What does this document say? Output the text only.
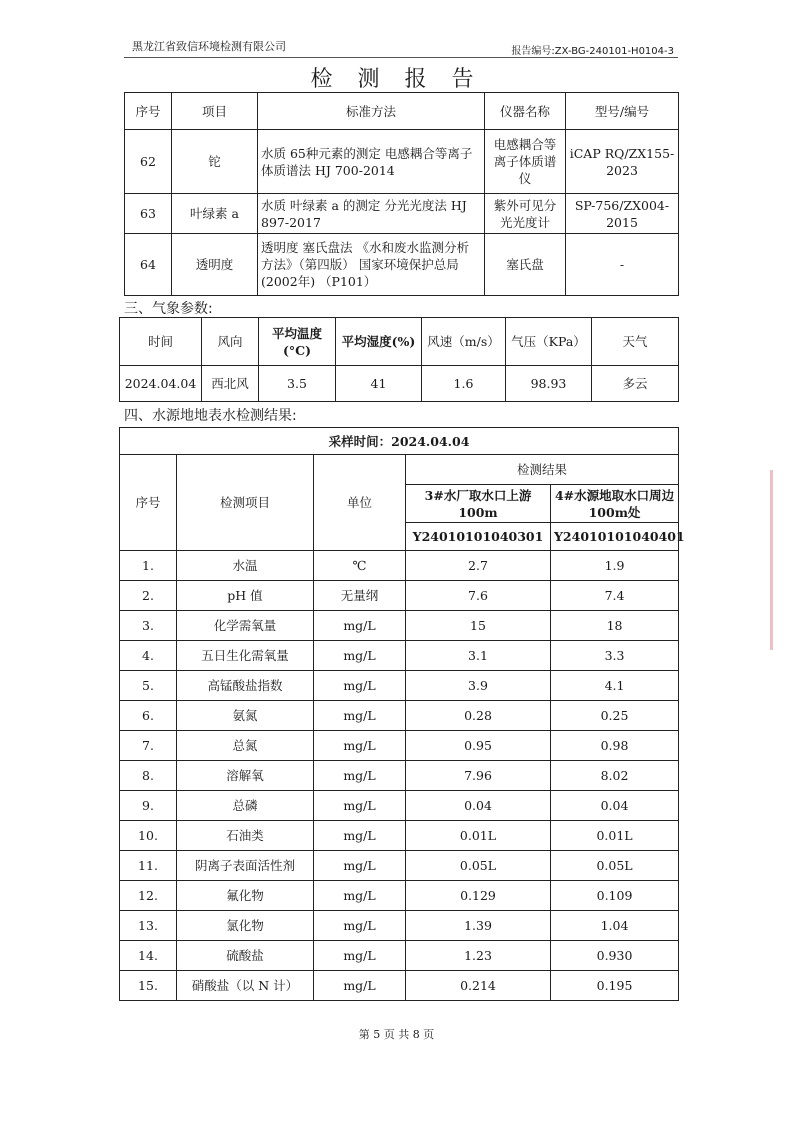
黑龙江省致信环境检测有限公司	报告编号:ZX-BG-240101-H0104-3
检 测 报 告
序号	项目	标准方法	仪器名称	型号/编号
62	铊	水质 65种元素的测定 电感耦合等离子体质谱法 HJ 700-2014	电感耦合等离子体质谱仪	iCAP RQ/ZX155-2023
63	叶绿素 a	水质 叶绿素 a 的测定 分光光度法 HJ 897-2017	紫外可见分光光度计	SP-756/ZX004-2015
64	透明度	透明度 塞氏盘法 《水和废水监测分析方法》（第四版） 国家环境保护总局(2002年) （P101）	塞氏盘	-
三、气象参数:
时间	风向	平均温度(°C)	平均湿度(%)	风速（m/s）	气压（KPa）	天气
2024.04.04	西北风	3.5	41	1.6	98.93	多云
四、水源地地表水检测结果:
采样时间：2024.04.04				
序号	检测项目	单位	检测结果	
			3#水厂取水口上游100m	4#水源地取水口周边100m处
			Y24010101040301	Y24010101040401
1.	水温	℃	2.7	1.9
2.	pH 值	无量纲	7.6	7.4
3.	化学需氧量	mg/L	15	18
4.	五日生化需氧量	mg/L	3.1	3.3
5.	高锰酸盐指数	mg/L	3.9	4.1
6.	氨氮	mg/L	0.28	0.25
7.	总氮	mg/L	0.95	0.98
8.	溶解氧	mg/L	7.96	8.02
9.	总磷	mg/L	0.04	0.04
10.	石油类	mg/L	0.01L	0.01L
11.	阴离子表面活性剂	mg/L	0.05L	0.05L
12.	氟化物	mg/L	0.129	0.109
13.	氯化物	mg/L	1.39	1.04
14.	硫酸盐	mg/L	1.23	0.930
15.	硝酸盐（以 N 计）	mg/L	0.214	0.195
第 5 页 共 8 页
